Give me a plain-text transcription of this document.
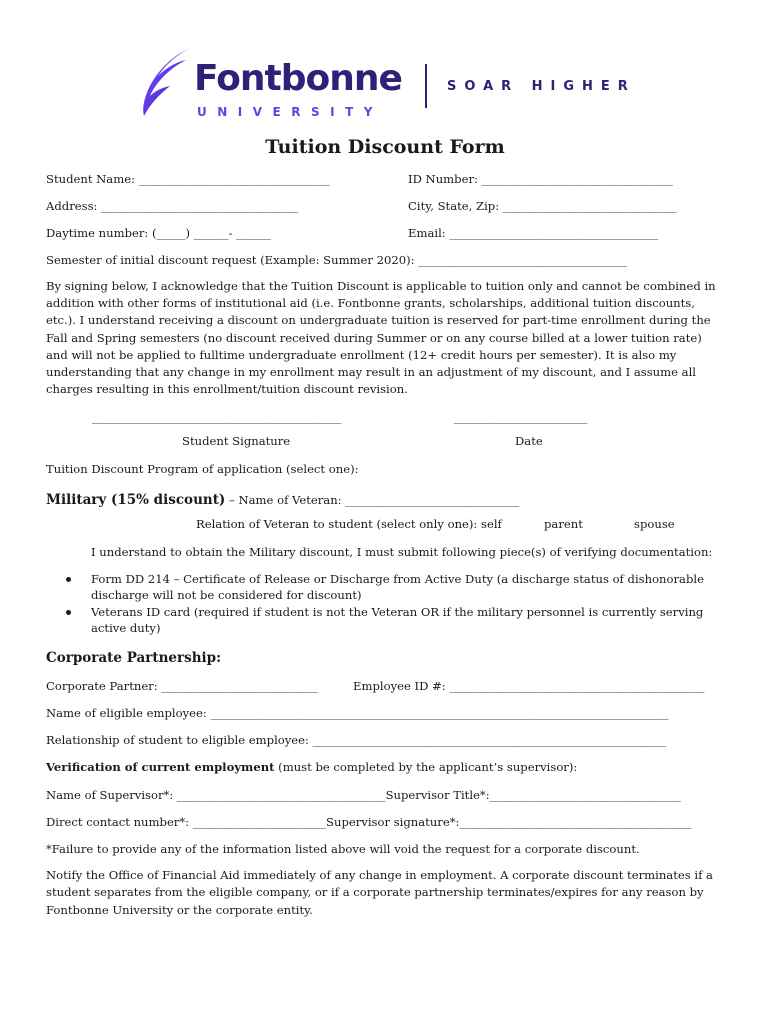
Fontbonne
UNIVERSITY
SOAR HIGHER
Tuition Discount Form
Student Name: _________________________________	ID Number: _________________________________
Address: __________________________________	City, State, Zip: ______________________________
Daytime number: (_____) ______- ______	Email: ____________________________________
Semester of initial discount request (Example: Summer 2020): ____________________________________
By signing below, I acknowledge that the Tuition Discount is applicable to tuition only and cannot be combined in addition with other forms of institutional aid (i.e. Fontbonne grants, scholarships, additional tuition discounts, etc.). I understand receiving a discount on undergraduate tuition is reserved for part-time enrollment during the Fall and Spring semesters (no discount received during Summer or on any course billed at a lower tuition rate) and will not be applied to fulltime undergraduate enrollment (12+ credit hours per semester). It is also my understanding that any change in my enrollment may result in an adjustment of my discount, and I assume all charges resulting in this enrollment/tuition discount revision.
___________________________________________	_______________________
Student Signature	Date
Tuition Discount Program of application (select one):
Military (15% discount) – Name of Veteran: ______________________________
Relation of Veteran to student (select only one): self	parent	spouse
I understand to obtain the Military discount, I must submit following piece(s) of verifying documentation:
Form DD 214 – Certificate of Release or Discharge from Active Duty (a discharge status of dishonorable discharge will not be considered for discount)
Veterans ID card (required if student is not the Veteran OR if the military personnel is currently serving active duty)
Corporate Partnership:
Corporate Partner: ___________________________	Employee ID #: ____________________________________________
Name of eligible employee: _______________________________________________________________________________
Relationship of student to eligible employee: _____________________________________________________________
Verification of current employment (must be completed by the applicant’s supervisor):
Name of Supervisor*: ____________________________________Supervisor Title*:_________________________________
Direct contact number*: _______________________Supervisor signature*:________________________________________
*Failure to provide any of the information listed above will void the request for a corporate discount.
Notify the Office of Financial Aid immediately of any change in employment. A corporate discount terminates if a student separates from the eligible company, or if a corporate partnership terminates/expires for any reason by Fontbonne University or the corporate entity.
